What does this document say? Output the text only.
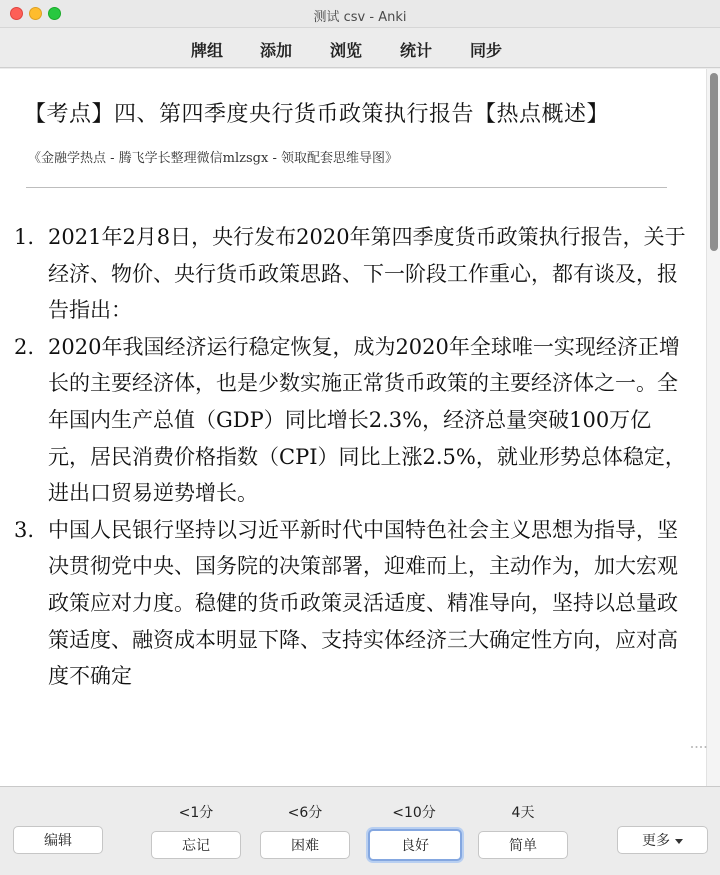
测试 csv - Anki
牌组 添加 浏览 统计 同步
【考点】四、第四季度央行货币政策执行报告【热点概述】
《金融学热点 - 腾飞学长整理微信mlzsgx - 领取配套思维导图》
1. 2021年2月8日，央行发布2020年第四季度货币政策执行报告，关于经济、物价、央行货币政策思路、下一阶段工作重心，都有谈及，报告指出：
2. 2020年我国经济运行稳定恢复，成为2020年全球唯一实现经济正增长的主要经济体，也是少数实施正常货币政策的主要经济体之一。全年国内生产总值（GDP）同比增长2.3%，经济总量突破100万亿元，居民消费价格指数（CPI）同比上涨2.5%，就业形势总体稳定，进出口贸易逆势增长。
3. 中国人民银行坚持以习近平新时代中国特色社会主义思想为指导，坚决贯彻党中央、国务院的决策部署，迎难而上，主动作为，加大宏观政策应对力度。稳健的货币政策灵活适度、精准导向，坚持以总量政策适度、融资成本明显下降、支持实体经济三大确定性方向，应对高度不确定
编辑
<1分	<6分	<10分	4天
忘记	困难	良好	简单	更多
